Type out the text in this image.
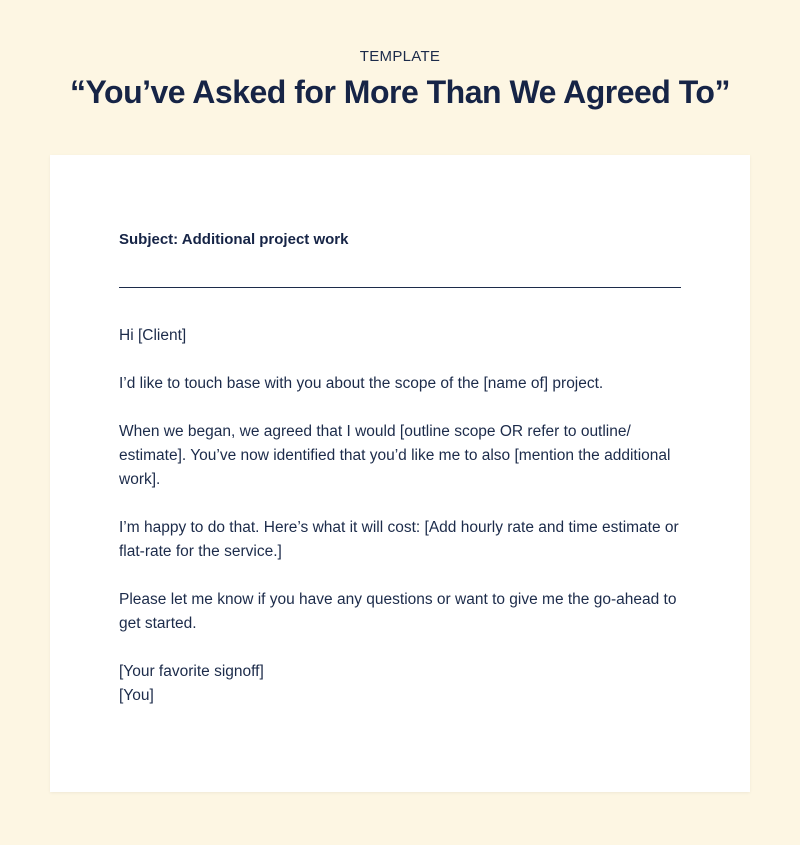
TEMPLATE
“You’ve Asked for More Than We Agreed To”
Subject: Additional project work

Hi [Client]

I’d like to touch base with you about the scope of the [name of] project.

When we began, we agreed that I would [outline scope OR refer to outline/ estimate]. You’ve now identified that you’d like me to also [mention the additional work].

I’m happy to do that. Here’s what it will cost: [Add hourly rate and time estimate or flat-rate for the service.]

Please let me know if you have any questions or want to give me the go-ahead to get started.

[Your favorite signoff]

[You]
